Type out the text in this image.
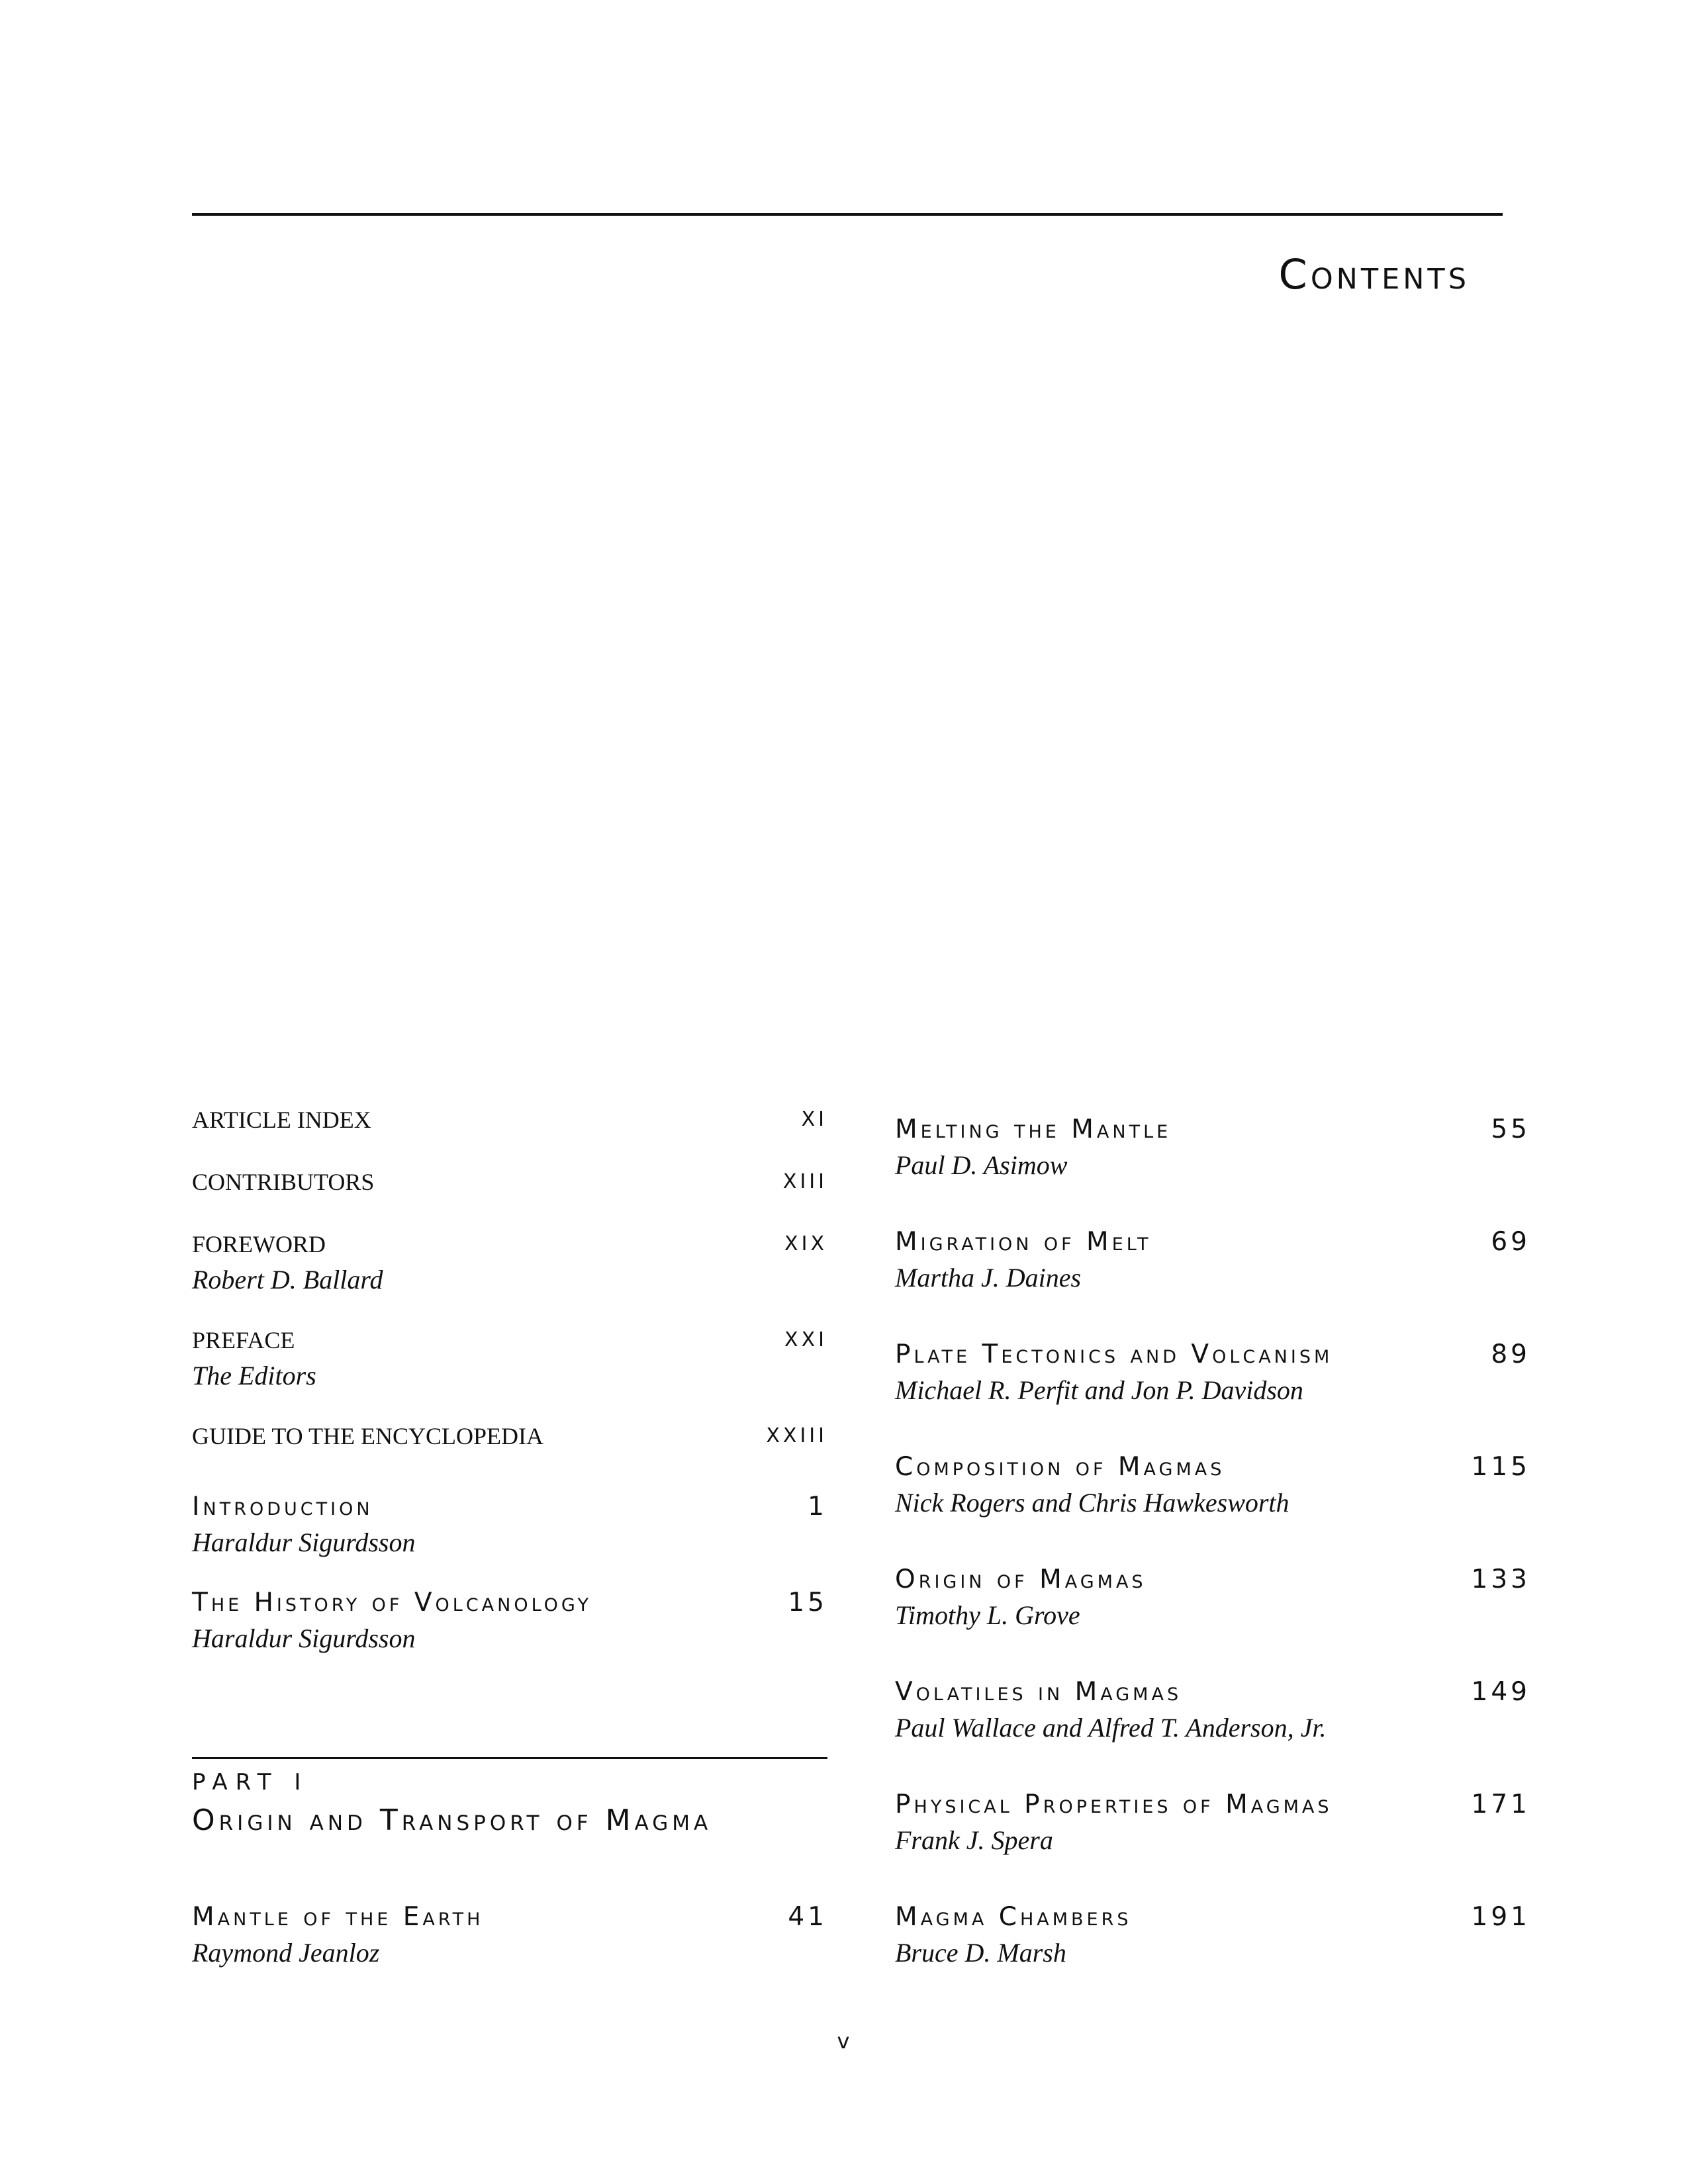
Contents
ARTICLE INDEX	XI
CONTRIBUTORS	XIII
FOREWORD	XIX
Robert D. Ballard
PREFACE	XXI
The Editors
GUIDE TO THE ENCYCLOPEDIA	XXIII
Introduction	1
Haraldur Sigurdsson
The History of Volcanology	15
Haraldur Sigurdsson
PART I
Origin and Transport of Magma
Mantle of the Earth	41
Raymond Jeanloz
Melting the Mantle	55
Paul D. Asimow
Migration of Melt	69
Martha J. Daines
Plate Tectonics and Volcanism	89
Michael R. Perfit and Jon P. Davidson
Composition of Magmas	115
Nick Rogers and Chris Hawkesworth
Origin of Magmas	133
Timothy L. Grove
Volatiles in Magmas	149
Paul Wallace and Alfred T. Anderson, Jr.
Physical Properties of Magmas	171
Frank J. Spera
Magma Chambers	191
Bruce D. Marsh
v
